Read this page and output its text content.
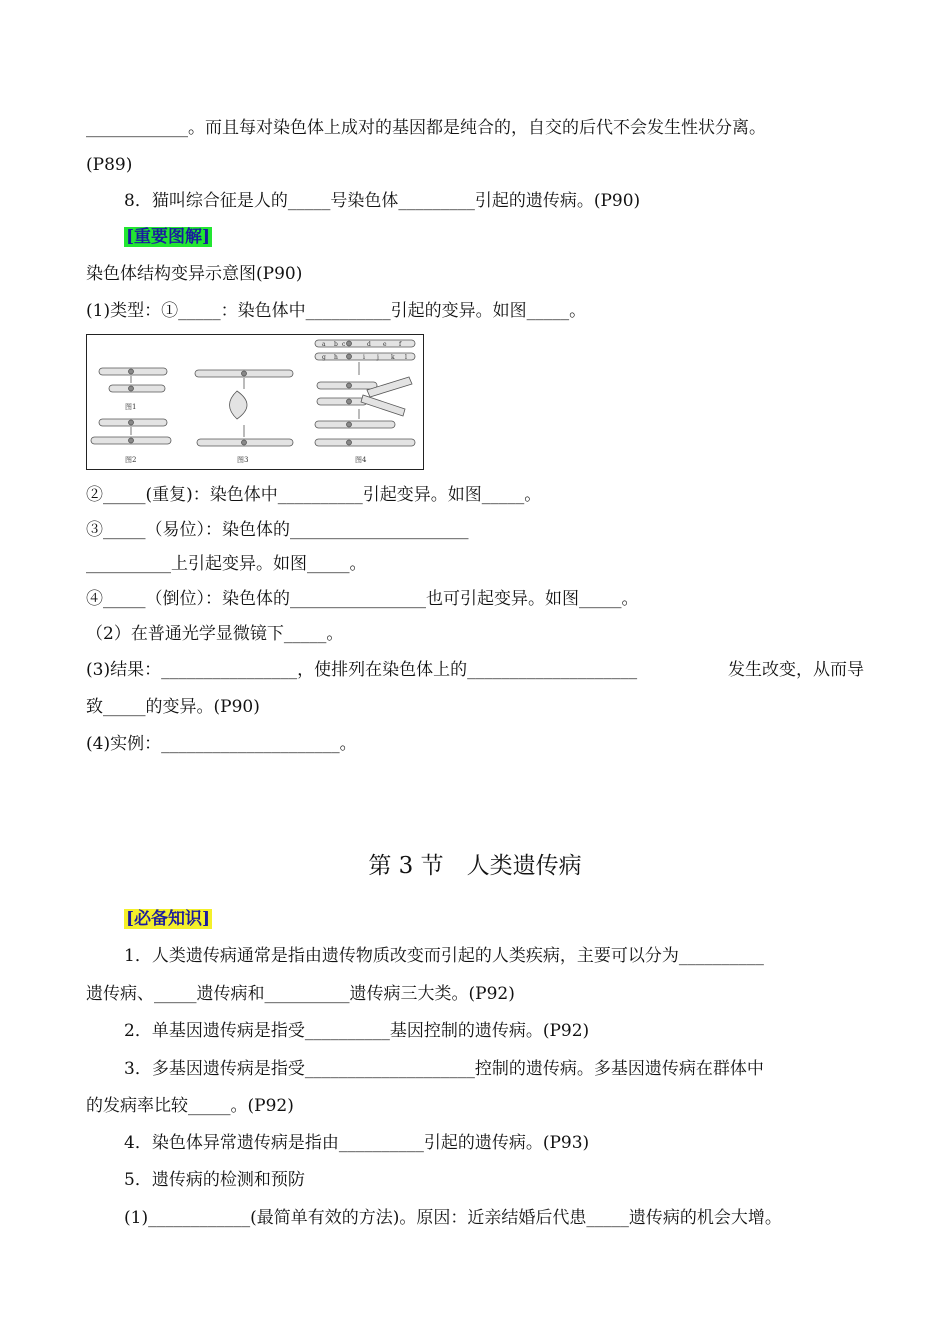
____________。而且每对染色体上成对的基因都是纯合的，自交的后代不会发生性状分离。
(P89)
8．猫叫综合征是人的_____号染色体_________引起的遗传病。(P90)
[重要图解]
染色体结构变异示意图(P90)
(1)类型：①_____：染色体中__________引起的变异。如图_____。
图1
图2	图3	图4
a b c	d e f
g h	i j k l
②_____(重复)：染色体中__________引起变异。如图_____。
③_____（易位）：染色体的_____________________
__________上引起变异。如图_____。
④_____（倒位）：染色体的________________也可引起变异。如图_____。
（2）在普通光学显微镜下_____。
(3)结果：________________，使排列在染色体上的____________________	发生改变，从而导
致_____的变异。(P90)
(4)实例：_____________________。
第 3 节　人类遗传病
[必备知识]
1．人类遗传病通常是指由遗传物质改变而引起的人类疾病，主要可以分为__________
遗传病、_____遗传病和__________遗传病三大类。(P92)
2．单基因遗传病是指受__________基因控制的遗传病。(P92)
3．多基因遗传病是指受____________________控制的遗传病。多基因遗传病在群体中
的发病率比较_____。(P92)
4．染色体异常遗传病是指由__________引起的遗传病。(P93)
5．遗传病的检测和预防
(1)____________(最简单有效的方法)。原因：近亲结婚后代患_____遗传病的机会大增。
